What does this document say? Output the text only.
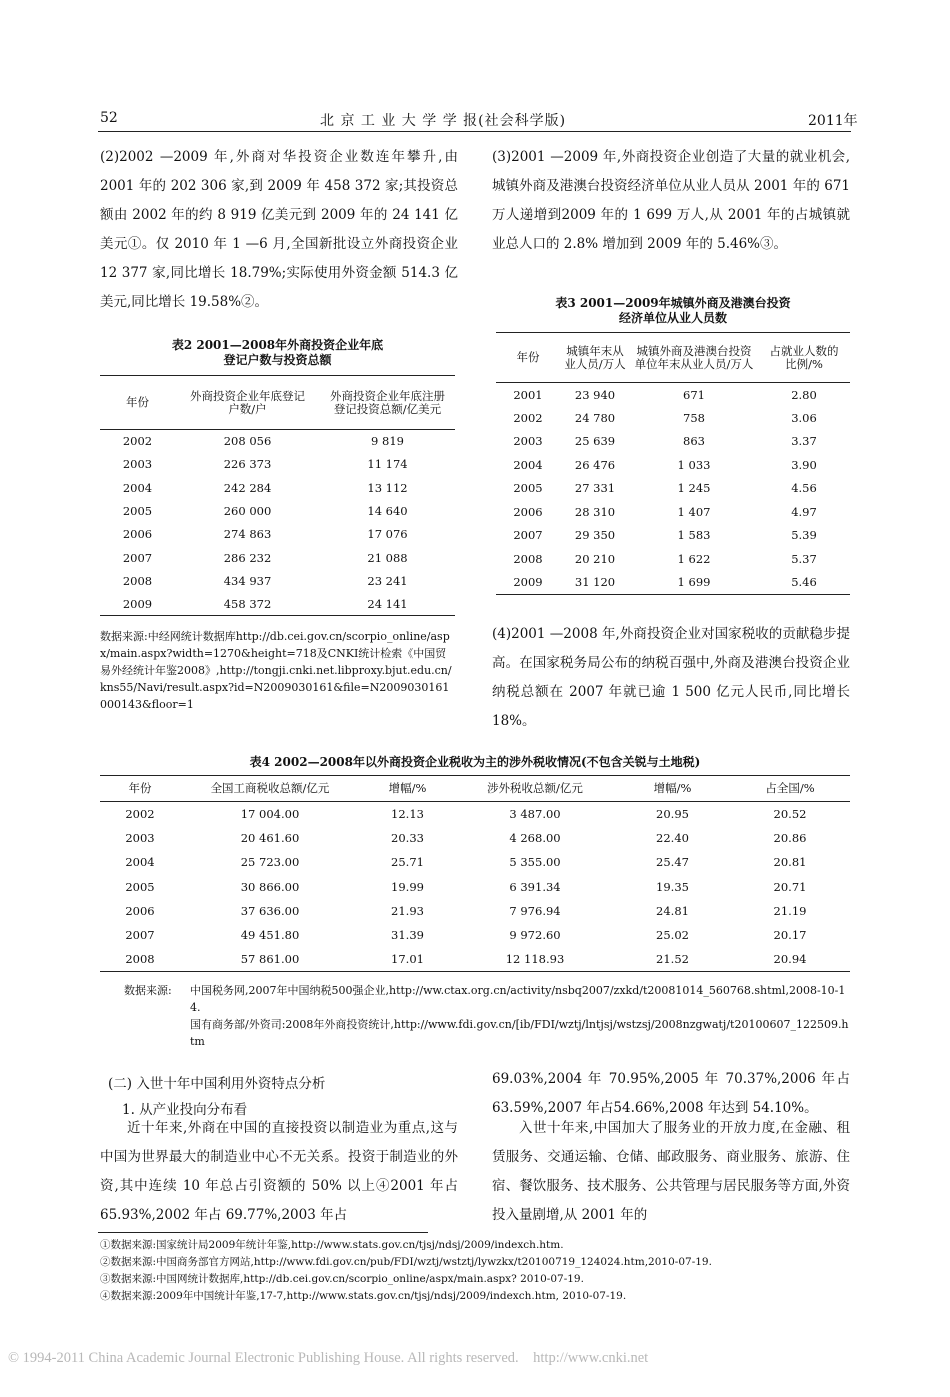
52	北 京 工 业 大 学 学 报(社会科学版)	2011年

(2)2002 —2009 年,外商对华投资企业数连年攀升,由 2001 年的 202 306 家,到 2009 年 458 372 家;其投资总额由 2002 年的约 8 919 亿美元到 2009 年的 24 141 亿美元①。仅 2010 年 1 —6 月,全国新批设立外商投资企业 12 377 家,同比增长 18.79%;实际使用外资金额 514.3 亿美元,同比增长 19.58%②。

(3)2001 —2009 年,外商投资企业创造了大量的就业机会,城镇外商及港澳台投资经济单位从业人员从 2001 年的 671 万人递增到2009 年的 1 699 万人,从 2001 年的占城镇就业总人口的 2.8% 增加到 2009 年的 5.46%③。

表2 2001—2008年外商投资企业年底
登记户数与投资总额
年份	外商投资企业年底登记户数/户	外商投资企业年底注册登记投资总额/亿美元
2002	208 056	9 819
2003	226 373	11 174
2004	242 284	13 112
2005	260 000	14 640
2006	274 863	17 076
2007	286 232	21 088
2008	434 937	23 241
2009	458 372	24 141
数据来源:中经网统计数据库http://db.cei.gov.cn/scorpio_online/aspx/main.aspx?width=1270&height=718及CNKI统计检索《中国贸易外经统计年鉴2008》,http://tongji.cnki.net.libproxy.bjut.edu.cn/kns55/Navi/result.aspx?id=N2009030161&file=N2009030161000143&floor=1
表3 2001—2009年城镇外商及港澳台投资
经济单位从业人员数
年份	城镇年末从业人员/万人	城镇外商及港澳台投资单位年末从业人员/万人	占就业人数的比例/%
2001	23 940	671	2.80
2002	24 780	758	3.06
2003	25 639	863	3.37
2004	26 476	1 033	3.90
2005	27 331	1 245	4.56
2006	28 310	1 407	4.97
2007	29 350	1 583	5.39
2008	20 210	1 622	5.37
2009	31 120	1 699	5.46

(4)2001 —2008 年,外商投资企业对国家税收的贡献稳步提高。在国家税务局公布的纳税百强中,外商及港澳台投资企业纳税总额在 2007 年就已逾 1 500 亿元人民币,同比增长 18%。

表4 2002—2008年以外商投资企业税收为主的涉外税收情况(不包含关锐与土地税)
年份	全国工商税收总额/亿元	增幅/%	涉外税收总额/亿元	增幅/%	占全国/%
2002	17 004.00	12.13	3 487.00	20.95	20.52
2003	20 461.60	20.33	4 268.00	22.40	20.86
2004	25 723.00	25.71	5 355.00	25.47	20.81
2005	30 866.00	19.99	6 391.34	19.35	20.71
2006	37 636.00	21.93	7 976.94	24.81	21.19
2007	49 451.80	31.39	9 972.60	25.02	20.17
2008	57 861.00	17.01	12 118.93	21.52	20.94
数据来源:	中国税务网,2007年中国纳税500强企业,http://ww.ctax.org.cn/activity/nsbq2007/zxkd/t20081014_560768.shtml,2008-10-14.
国有商务部/外资司:2008年外商投资统计,http://www.fdi.gov.cn/[ib/FDI/wztj/lntjsj/wstzsj/2008nzgwatj/t20100607_122509.htm
(二) 入世十年中国利用外资特点分析
1. 从产业投向分布看

近十年来,外商在中国的直接投资以制造业为重点,这与中国为世界最大的制造业中心不无关系。投资于制造业的外资,其中连续 10 年总占引资额的 50% 以上④2001 年占 65.93%,2002 年占 69.77%,2003 年占

69.03%,2004 年 70.95%,2005 年 70.37%,2006 年占 63.59%,2007 年占54.66%,2008 年达到 54.10%。

入世十年来,中国加大了服务业的开放力度,在金融、租赁服务、交通运输、仓储、邮政服务、商业服务、旅游、住宿、餐饮服务、技术服务、公共管理与居民服务等方面,外资投入量剧增,从 2001 年的

①数据来源:国家统计局2009年统计年鉴,http://www.stats.gov.cn/tjsj/ndsj/2009/indexch.htm.
②数据来源:中国商务部官方网站,http://www.fdi.gov.cn/pub/FDI/wztj/wstztj/lywzkx/t20100719_124024.htm,2010-07-19.
③数据来源:中国网统计数据库,http://db.cei.gov.cn/scorpio_online/aspx/main.aspx? 2010-07-19.
④数据来源:2009年中国统计年鉴,17-7,http://www.stats.gov.cn/tjsj/ndsj/2009/indexch.htm, 2010-07-19.
© 1994-2011 China Academic Journal Electronic Publishing House. All rights reserved.    http://www.cnki.net
